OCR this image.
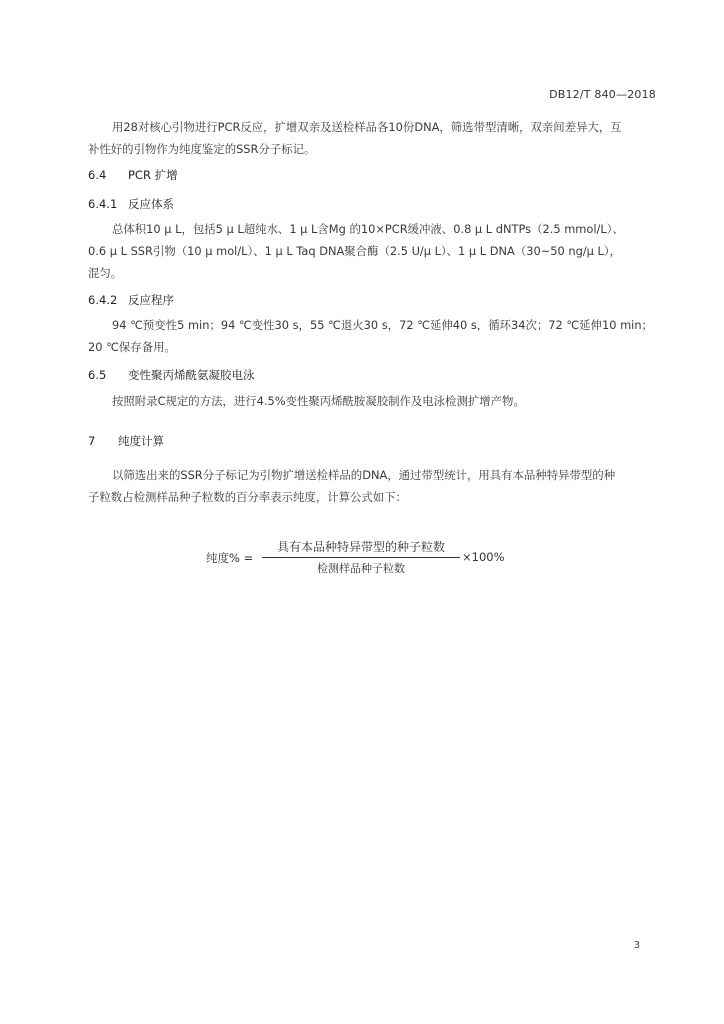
DB12/T 840—2018
用28对核心引物进行PCR反应，扩增双亲及送检样品各10份DNA，筛选带型清晰，双亲间差异大，互
补性好的引物作为纯度鉴定的SSR分子标记。
6.4 PCR 扩增
6.4.1 反应体系
总体积10 μ L，包括5 μ L超纯水、1 μ L含Mg 的10×PCR缓冲液、0.8 μ L dNTPs（2.5 mmol/L）、
0.6 μ L SSR引物（10 μ mol/L）、1 μ L Taq DNA聚合酶（2.5 U/μ L）、1 μ L DNA（30~50 ng/μ L），
混匀。
6.4.2 反应程序
94 ℃预变性5 min；94 ℃变性30 s，55 ℃退火30 s，72 ℃延伸40 s，循环34次；72 ℃延伸10 min；
20 ℃保存备用。
6.5 变性聚丙烯酰氨凝胶电泳
按照附录C规定的方法，进行4.5%变性聚丙烯酰胺凝胶制作及电泳检测扩增产物。
7 纯度计算
以筛选出来的SSR分子标记为引物扩增送检样品的DNA，通过带型统计，用具有本品种特异带型的种
子粒数占检测样品种子粒数的百分率表示纯度，计算公式如下：
纯度% =
具有本品种特异带型的种子粒数
检测样品种子粒数
×100%
3
